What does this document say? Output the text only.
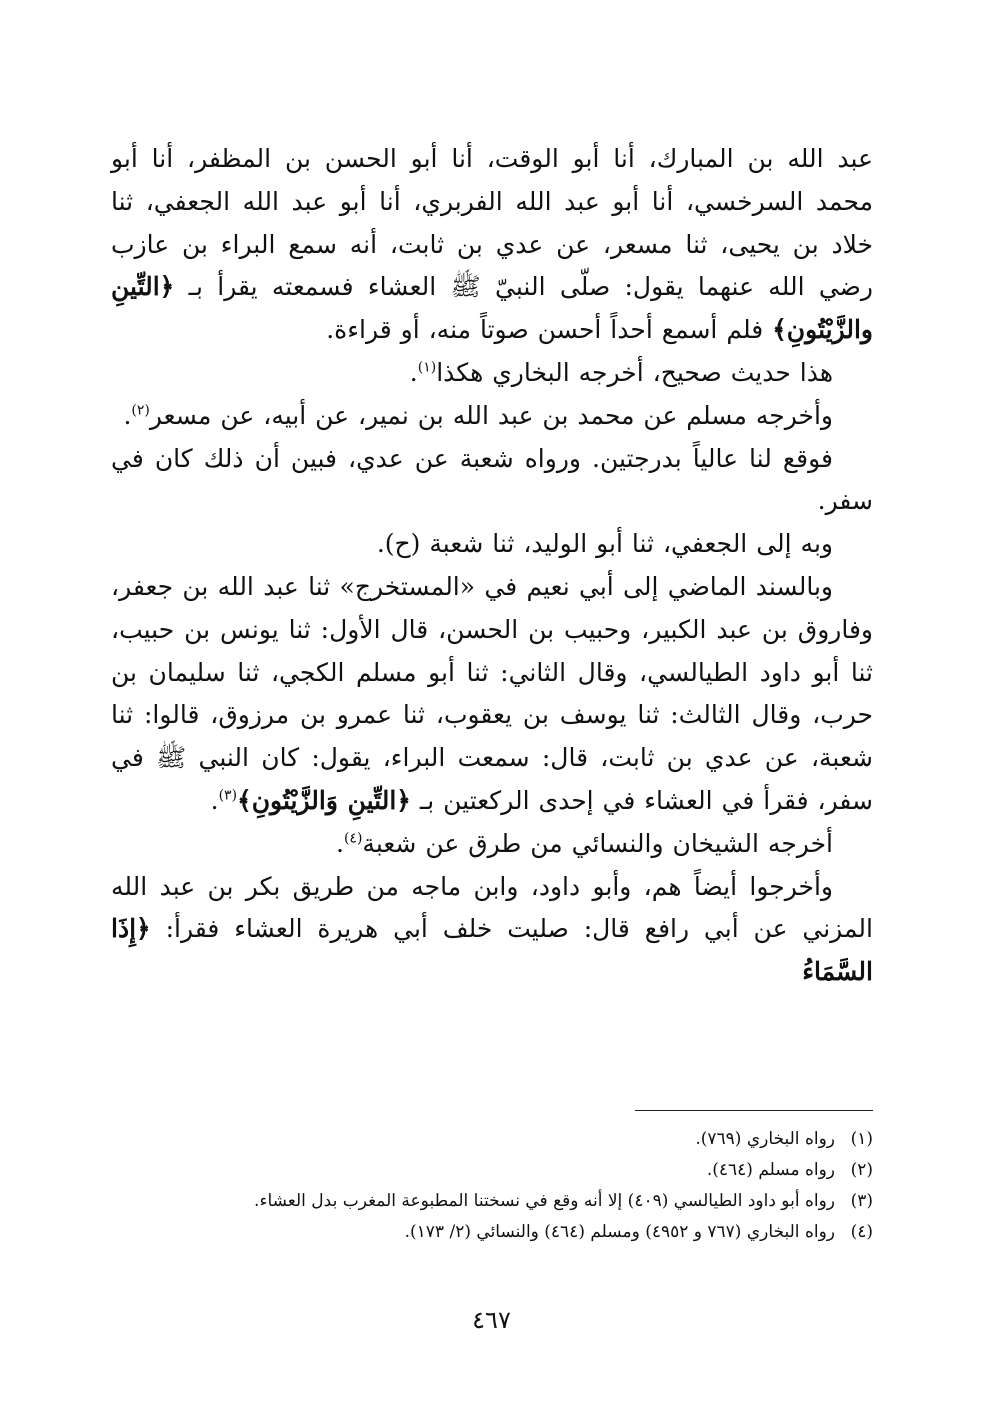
عبد الله بن المبارك، أنا أبو الوقت، أنا أبو الحسن بن المظفر، أنا أبو محمد السرخسي، أنا أبو عبد الله الفربري، أنا أبو عبد الله الجعفي، ثنا خلاد بن يحيى، ثنا مسعر، عن عدي بن ثابت، أنه سمع البراء بن عازب رضي الله عنهما يقول: صلّى النبيّ ﷺ العشاء فسمعته يقرأ بـ ﴿التِّينِ والزَّيْتُونِ﴾ فلم أسمع أحداً أحسن صوتاً منه، أو قراءة.

هذا حديث صحيح، أخرجه البخاري هكذا$^{(١)}$.

وأخرجه مسلم عن محمد بن عبد الله بن نمير، عن أبيه، عن مسعر$^{(٢)}$.

فوقع لنا عالياً بدرجتين. ورواه شعبة عن عدي، فبين أن ذلك كان في سفر.

وبه إلى الجعفي، ثنا أبو الوليد، ثنا شعبة (ح).

وبالسند الماضي إلى أبي نعيم في «المستخرج» ثنا عبد الله بن جعفر، وفاروق بن عبد الكبير، وحبيب بن الحسن، قال الأول: ثنا يونس بن حبيب، ثنا أبو داود الطيالسي، وقال الثاني: ثنا أبو مسلم الكجي، ثنا سليمان بن حرب، وقال الثالث: ثنا يوسف بن يعقوب، ثنا عمرو بن مرزوق، قالوا: ثنا شعبة، عن عدي بن ثابت، قال: سمعت البراء، يقول: كان النبي ﷺ في سفر، فقرأ في العشاء في إحدى الركعتين بـ ﴿التِّينِ وَالزَّيْتُونِ﴾$^{(٣)}$.

أخرجه الشيخان والنسائي من طرق عن شعبة$^{(٤)}$.

وأخرجوا أيضاً هم، وأبو داود، وابن ماجه من طريق بكر بن عبد الله المزني عن أبي رافع قال: صليت خلف أبي هريرة العشاء فقرأ: ﴿إِذَا السَّمَاءُ

(١)
رواه البخاري (٧٦٩).

(٢)
رواه مسلم (٤٦٤).

(٣)
رواه أبو داود الطيالسي (٤٠٩) إلا أنه وقع في نسختنا المطبوعة المغرب بدل العشاء.

(٤)
رواه البخاري (٧٦٧ و ٤٩٥٢) ومسلم (٤٦٤) والنسائي (٢/ ١٧٣).

٤٦٧
